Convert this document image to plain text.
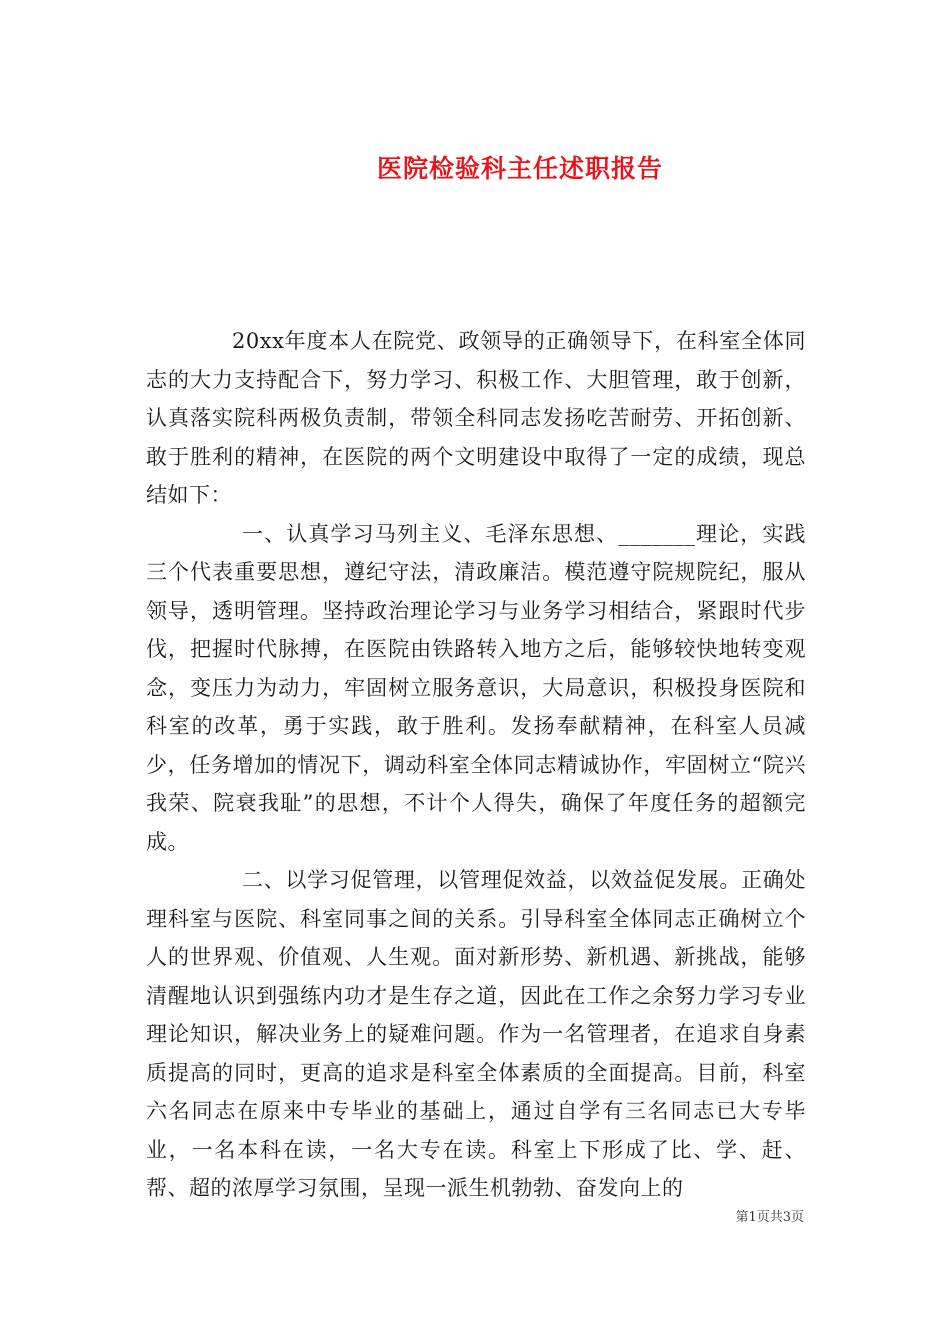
医院检验科主任述职报告

20xx年度本人在院党、政领导的正确领导下，在科室全体同志的大力支持配合下，努力学习、积极工作、大胆管理，敢于创新，认真落实院科两极负责制，带领全科同志发扬吃苦耐劳、开拓创新、敢于胜利的精神，在医院的两个文明建设中取得了一定的成绩，现总结如下：

一、认真学习马列主义、毛泽东思想、_______理论，实践三个代表重要思想，遵纪守法，清政廉洁。模范遵守院规院纪，服从领导，透明管理。坚持政治理论学习与业务学习相结合，紧跟时代步伐，把握时代脉搏，在医院由铁路转入地方之后，能够较快地转变观念，变压力为动力，牢固树立服务意识，大局意识，积极投身医院和科室的改革，勇于实践，敢于胜利。发扬奉献精神，在科室人员减少，任务增加的情况下，调动科室全体同志精诚协作，牢固树立“院兴我荣、院衰我耻”的思想，不计个人得失，确保了年度任务的超额完成。

二、以学习促管理，以管理促效益，以效益促发展。正确处理科室与医院、科室同事之间的关系。引导科室全体同志正确树立个人的世界观、价值观、人生观。面对新形势、新机遇、新挑战，能够清醒地认识到强练内功才是生存之道，因此在工作之余努力学习专业理论知识，解决业务上的疑难问题。作为一名管理者，在追求自身素质提高的同时，更高的追求是科室全体素质的全面提高。目前，科室六名同志在原来中专毕业的基础上，通过自学有三名同志已大专毕业，一名本科在读，一名大专在读。科室上下形成了比、学、赶、帮、超的浓厚学习氛围，呈现一派生机勃勃、奋发向上的

第1页共3页
